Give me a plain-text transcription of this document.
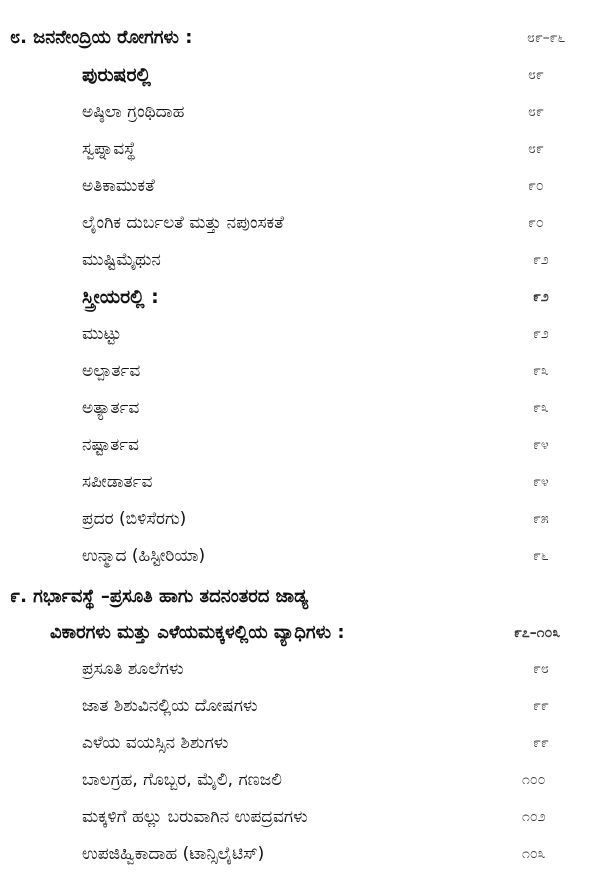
೮. ಜನನೇಂದ್ರಿಯ ರೋಗಗಳು :	೮೯–೯೬
ಪುರುಷರಲ್ಲಿ	೮೯
ಅಷ್ಠಿಲಾ ಗ್ರಂಥಿದಾಹ	೮೯
ಸ್ವಪ್ನಾವಸ್ಥೆ	೮೯
ಅತಿಕಾಮುಕತೆ	೯೦
ಲೈಂಗಿಕ ದುರ್ಬಲತೆ ಮತ್ತು ನಪುಂಸಕತೆ	೯೦
ಮುಷ್ಟಿಮೈಥುನ	೯೨
ಸ್ತ್ರೀಯರಲ್ಲಿ :	೯೨
ಮುಟ್ಟು	೯೨
ಅಲ್ಪಾರ್ತವ	೯೩
ಅತ್ಯಾರ್ತವ	೯೩
ನಷ್ಟಾರ್ತವ	೯೪
ಸಪೀಡಾರ್ತವ	೯೪
ಪ್ರದರ (ಬಿಳಿಸೆರಗು)	೯೫
ಉನ್ಮಾದ (ಹಿಸ್ಟೀರಿಯಾ)	೯೬
೯. ಗರ್ಭಾವಸ್ಥೆ –ಪ್ರಸೂತಿ ಹಾಗು ತದನಂತರದ ಜಾಡ್ಯ
ವಿಕಾರಗಳು ಮತ್ತು ಎಳೆಯಮಕ್ಕಳಲ್ಲಿಯ ವ್ಯಾಧಿಗಳು :	೯೭–೧೦೩
ಪ್ರಸೂತಿ ಶೂಲೆಗಳು	೯೮
ಜಾತ ಶಿಶುವಿನಲ್ಲಿಯ ದೋಷಗಳು	೯೯
ಎಳೆಯ ವಯಸ್ಸಿನ ಶಿಶುಗಳು	೯೯
ಬಾಲಗ್ರಹ, ಗೊಬ್ಬರ, ಮೈಲಿ, ಗಣಜಲಿ	೧೦೦
ಮಕ್ಕಳಿಗೆ ಹಲ್ಲು ಬರುವಾಗಿನ ಉಪದ್ರವಗಳು	೧೦೨
ಉಪಜಿಹ್ವಿಕಾದಾಹ (ಟಾನ್ಸಿಲೈಟಿಸ್)	೧೦೩
